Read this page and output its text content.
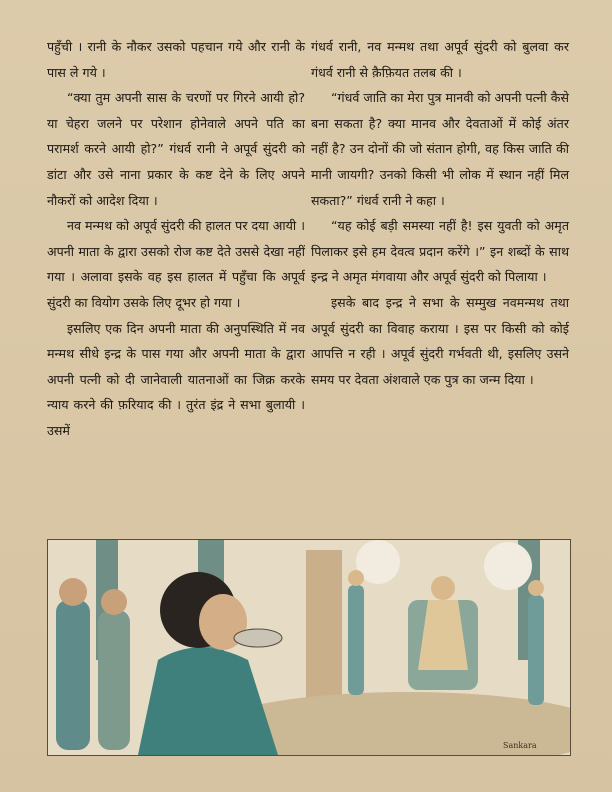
पहुँची । रानी के नौकर उसको पहचान गये और रानी के पास ले गये ।

“क्या तुम अपनी सास के चरणों पर गिरने आयी हो? या चेहरा जलने पर परेशान होनेवाले अपने पति का परामर्श करने आयी हो?” गंधर्व रानी ने अपूर्व सुंदरी को डांटा और उसे नाना प्रकार के कष्ट देने के लिए अपने नौकरों को आदेश दिया ।

नव मन्मथ को अपूर्व सुंदरी की हालत पर दया आयी । अपनी माता के द्वारा उसको रोज कष्ट देते उससे देखा नहीं गया । अलावा इसके वह इस हालत में पहुँचा कि अपूर्व सुंदरी का वियोग उसके लिए दूभर हो गया ।

इसलिए एक दिन अपनी माता की अनुपस्थिति में नव मन्मथ सीधे इन्द्र के पास गया और अपनी माता के द्वारा अपनी पत्नी को दी जानेवाली यातनाओं का जिक्र करके न्याय करने की फ़रियाद की । तुरंत इंद्र ने सभा बुलायी । उसमें

गंधर्व रानी, नव मन्मथ तथा अपूर्व सुंदरी को बुलवा कर गंधर्व रानी से क़ैफ़ियत तलब की ।

“गंधर्व जाति का मेरा पुत्र मानवी को अपनी पत्नी कैसे बना सकता है? क्या मानव और देवताओं में कोई अंतर नहीं है? उन दोनों की जो संतान होगी, वह किस जाति की मानी जायगी? उनको किसी भी लोक में स्थान नहीं मिल सकता?” गंधर्व रानी ने कहा ।

“यह कोई बड़ी समस्या नहीं है! इस युवती को अमृत पिलाकर इसे हम देवत्व प्रदान करेंगे ।” इन शब्दों के साथ इन्द्र ने अमृत मंगवाया और अपूर्व सुंदरी को पिलाया ।

इसके बाद इन्द्र ने सभा के सम्मुख नवमन्मथ तथा अपूर्व सुंदरी का विवाह कराया । इस पर किसी को कोई आपत्ति न रही । अपूर्व सुंदरी गर्भवती थी, इसलिए उसने समय पर देवता अंशवाले एक पुत्र का जन्म दिया ।

Sankara
